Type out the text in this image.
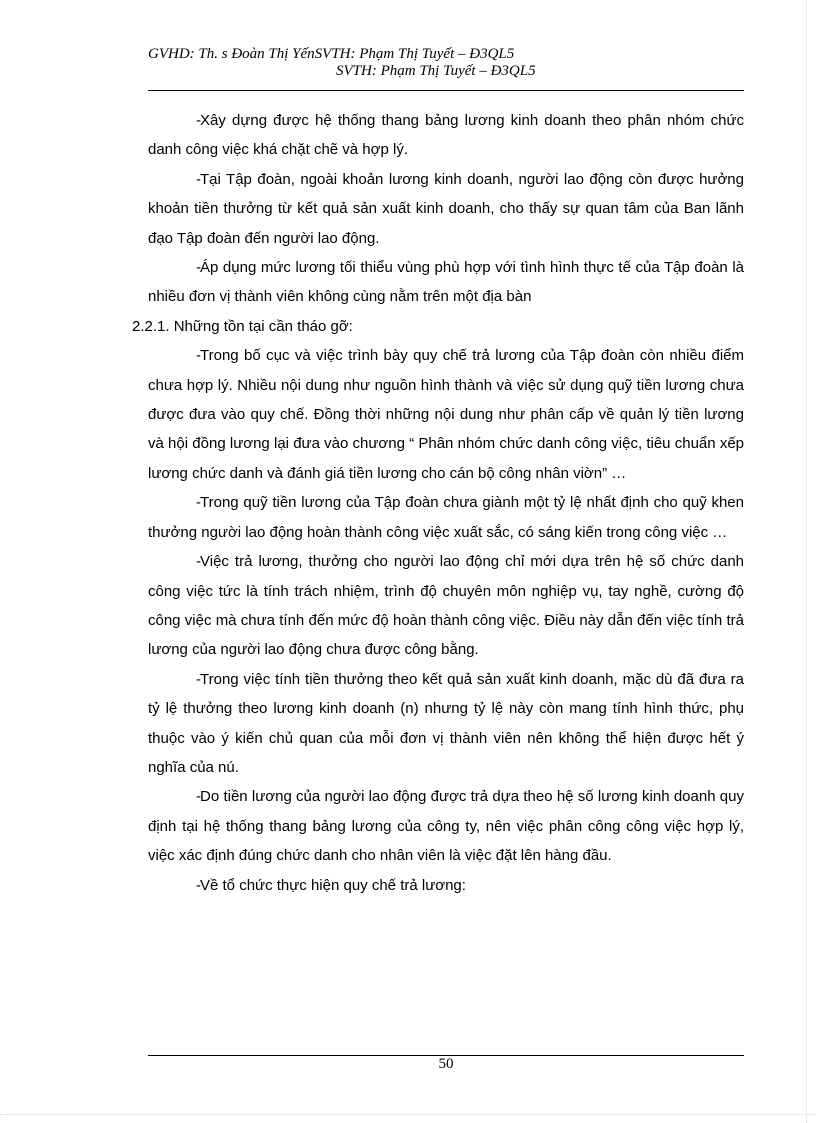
GVHD: Th. s Đoàn Thị YếnSVTH: Phạm Thị Tuyết – Đ3QL5
SVTH: Phạm Thị Tuyết – Đ3QL5

-Xây dựng được hệ thống thang bảng lương kinh doanh theo phân nhóm chức danh công việc khá chặt chẽ và hợp lý.

-Tại Tập đoàn, ngoài khoản lương kinh doanh, người lao động còn được hưởng khoản tiền thưởng từ kết quả sản xuất kinh doanh, cho thấy sự quan tâm của Ban lãnh đạo Tập đoàn đến người lao động.

-Áp dụng mức lương tối thiểu vùng phù hợp với tình hình thực tế của Tập đoàn là nhiều đơn vị thành viên không cùng nằm trên một địa bàn

2.2.1. Những tồn tại cần tháo gỡ:

-Trong bố cục và việc trình bày quy chế trả lương của Tập đoàn còn nhiều điểm chưa hợp lý. Nhiều nội dung như nguồn hình thành và việc sử dụng quỹ tiền lương chưa được đưa vào quy chế. Đồng thời những nội dung như phân cấp về quản lý tiền lương và hội đồng lương lại đưa vào chương “ Phân nhóm chức danh công việc, tiêu chuẩn xếp lương chức danh và đánh giá tiền lương cho cán bộ công nhân viờn” …

-Trong quỹ tiền lương của Tập đoàn chưa giành một tỷ lệ nhất định cho quỹ khen thưởng người lao động hoàn thành công việc xuất sắc, có sáng kiến trong công việc …

-Việc trả lương, thưởng cho người lao động chỉ mới dựa trên hệ số chức danh công việc tức là tính trách nhiệm, trình độ chuyên môn nghiệp vụ, tay nghề, cường độ công việc mà chưa tính đến mức độ hoàn thành công việc. Điều này dẫn đến việc tính trả lương của người lao động chưa được công bằng.

-Trong việc tính tiền thưởng theo kết quả sản xuất kinh doanh, mặc dù đã đưa ra tỷ lệ thưởng theo lương kinh doanh (n) nhưng tỷ lệ này còn mang tính hình thức, phụ thuộc vào ý kiến chủ quan của mỗi đơn vị thành viên nên không thể hiện được hết ý nghĩa của nú.

-Do tiền lương của người lao động được trả dựa theo hệ số lương kinh doanh quy định tại hệ thống thang bảng lương của công ty, nên việc phân công công việc hợp lý, việc xác định đúng chức danh cho nhân viên là việc đặt lên hàng đầu.

-Về tổ chức thực hiện quy chế trả lương:

50
